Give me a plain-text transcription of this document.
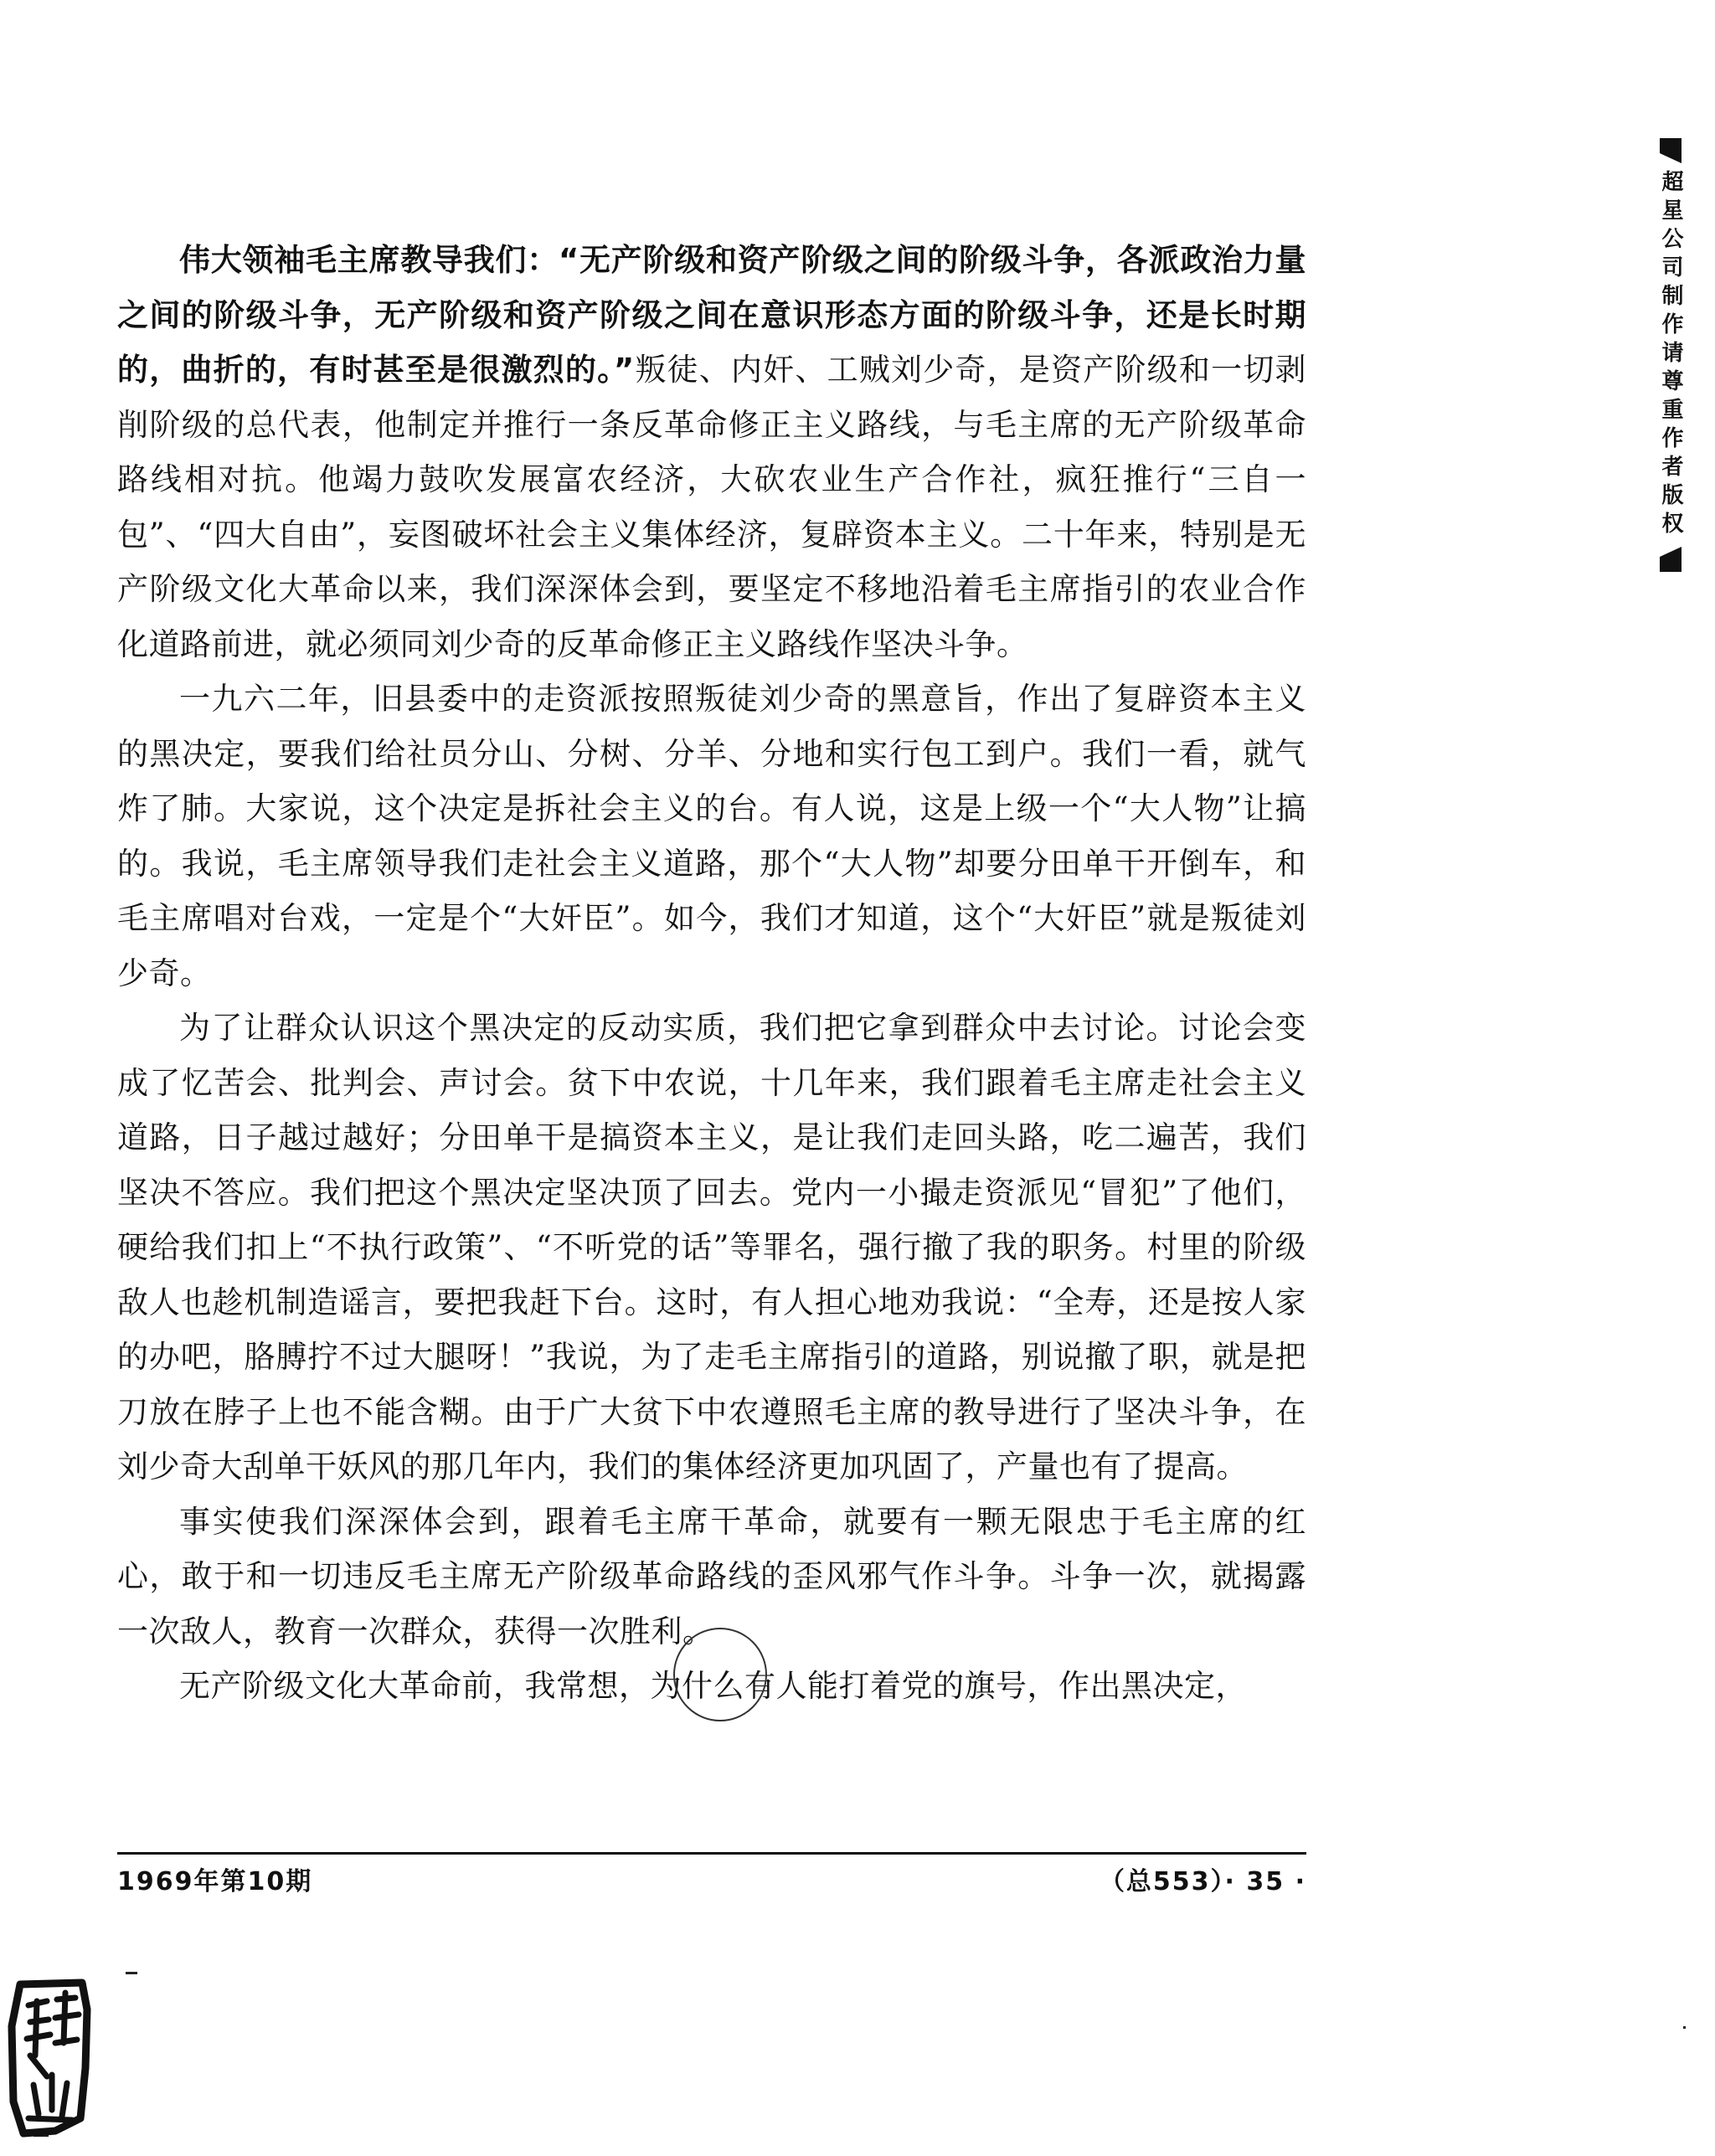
超星公司制作请尊重作者版权

伟大领袖毛主席教导我们：“无产阶级和资产阶级之间的阶级斗争，各派政治力量之间的阶级斗争，无产阶级和资产阶级之间在意识形态方面的阶级斗争，还是长时期的，曲折的，有时甚至是很激烈的。”叛徒、内奸、工贼刘少奇，是资产阶级和一切剥削阶级的总代表，他制定并推行一条反革命修正主义路线，与毛主席的无产阶级革命路线相对抗。他竭力鼓吹发展富农经济，大砍农业生产合作社，疯狂推行“三自一包”、“四大自由”，妄图破坏社会主义集体经济，复辟资本主义。二十年来，特别是无产阶级文化大革命以来，我们深深体会到，要坚定不移地沿着毛主席指引的农业合作化道路前进，就必须同刘少奇的反革命修正主义路线作坚决斗争。

一九六二年，旧县委中的走资派按照叛徒刘少奇的黑意旨，作出了复辟资本主义的黑决定，要我们给社员分山、分树、分羊、分地和实行包工到户。我们一看，就气炸了肺。大家说，这个决定是拆社会主义的台。有人说，这是上级一个“大人物”让搞的。我说，毛主席领导我们走社会主义道路，那个“大人物”却要分田单干开倒车，和毛主席唱对台戏，一定是个“大奸臣”。如今，我们才知道，这个“大奸臣”就是叛徒刘少奇。

为了让群众认识这个黑决定的反动实质，我们把它拿到群众中去讨论。讨论会变成了忆苦会、批判会、声讨会。贫下中农说，十几年来，我们跟着毛主席走社会主义道路，日子越过越好；分田单干是搞资本主义，是让我们走回头路，吃二遍苦，我们坚决不答应。我们把这个黑决定坚决顶了回去。党内一小撮走资派见“冒犯”了他们，硬给我们扣上“不执行政策”、“不听党的话”等罪名，强行撤了我的职务。村里的阶级敌人也趁机制造谣言，要把我赶下台。这时，有人担心地劝我说：“全寿，还是按人家的办吧，胳膊拧不过大腿呀！”我说，为了走毛主席指引的道路，别说撤了职，就是把刀放在脖子上也不能含糊。由于广大贫下中农遵照毛主席的教导进行了坚决斗争，在刘少奇大刮单干妖风的那几年内，我们的集体经济更加巩固了，产量也有了提高。

事实使我们深深体会到，跟着毛主席干革命，就要有一颗无限忠于毛主席的红心，敢于和一切违反毛主席无产阶级革命路线的歪风邪气作斗争。斗争一次，就揭露一次敌人，教育一次群众，获得一次胜利。

无产阶级文化大革命前，我常想，为什么有人能打着党的旗号，作出黑决定，

1969年第10期	（总553）· 35 ·
